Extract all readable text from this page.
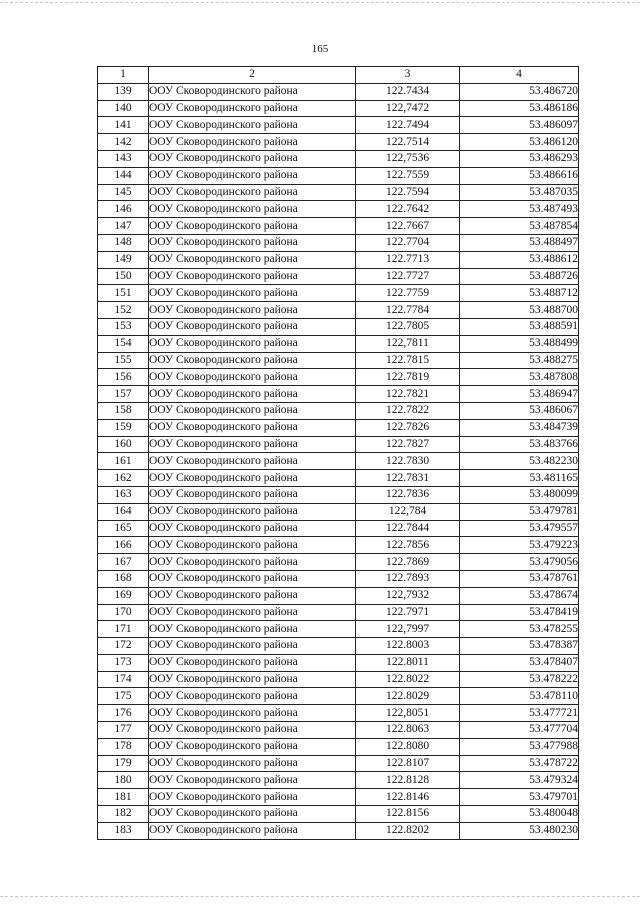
165
1	2	3	4
139	ООУ Сковородинского района	122.7434	53.486720
140	ООУ Сковородинского района	122,7472	53.486186
141	ООУ Сковородинского района	122.7494	53.486097
142	ООУ Сковородинского района	122.7514	53.486120
143	ООУ Сковородинского района	122,7536	53.486293
144	ООУ Сковородинского района	122.7559	53.486616
145	ООУ Сковородинского района	122.7594	53.487035
146	ООУ Сковородинского района	122.7642	53.487493
147	ООУ Сковородинского района	122.7667	53.487854
148	ООУ Сковородинского района	122.7704	53.488497
149	ООУ Сковородинского района	122.7713	53.488612
150	ООУ Сковородинского района	122.7727	53.488726
151	ООУ Сковородинского района	122.7759	53.488712
152	ООУ Сковородинского района	122.7784	53.488700
153	ООУ Сковородинского района	122.7805	53.488591
154	ООУ Сковородинского района	122,7811	53.488499
155	ООУ Сковородинского района	122.7815	53.488275
156	ООУ Сковородинского района	122.7819	53.487808
157	ООУ Сковородинского района	122.7821	53.486947
158	ООУ Сковородинского района	122.7822	53.486067
159	ООУ Сковородинского района	122.7826	53.484739
160	ООУ Сковородинского района	122.7827	53.483766
161	ООУ Сковородинского района	122.7830	53.482230
162	ООУ Сковородинского района	122.7831	53.481165
163	ООУ Сковородинского района	122.7836	53.480099
164	ООУ Сковородинского района	122,784	53.479781
165	ООУ Сковородинского района	122.7844	53.479557
166	ООУ Сковородинского района	122.7856	53.479223
167	ООУ Сковородинского района	122.7869	53.479056
168	ООУ Сковородинского района	122.7893	53.478761
169	ООУ Сковородинского района	122,7932	53.478674
170	ООУ Сковородинского района	122.7971	53.478419
171	ООУ Сковородинского района	122,7997	53.478255
172	ООУ Сковородинского района	122.8003	53.478387
173	ООУ Сковородинского района	122.8011	53.478407
174	ООУ Сковородинского района	122.8022	53.478222
175	ООУ Сковородинского района	122.8029	53.478110
176	ООУ Сковородинского района	122,8051	53.477721
177	ООУ Сковородинского района	122.8063	53.477704
178	ООУ Сковородинского района	122.8080	53.477988
179	ООУ Сковородинского района	122.8107	53.478722
180	ООУ Сковородинского района	122.8128	53.479324
181	ООУ Сковородинского района	122.8146	53.479701
182	ООУ Сковородинского района	122.8156	53.480048
183	ООУ Сковородинского района	122.8202	53.480230
